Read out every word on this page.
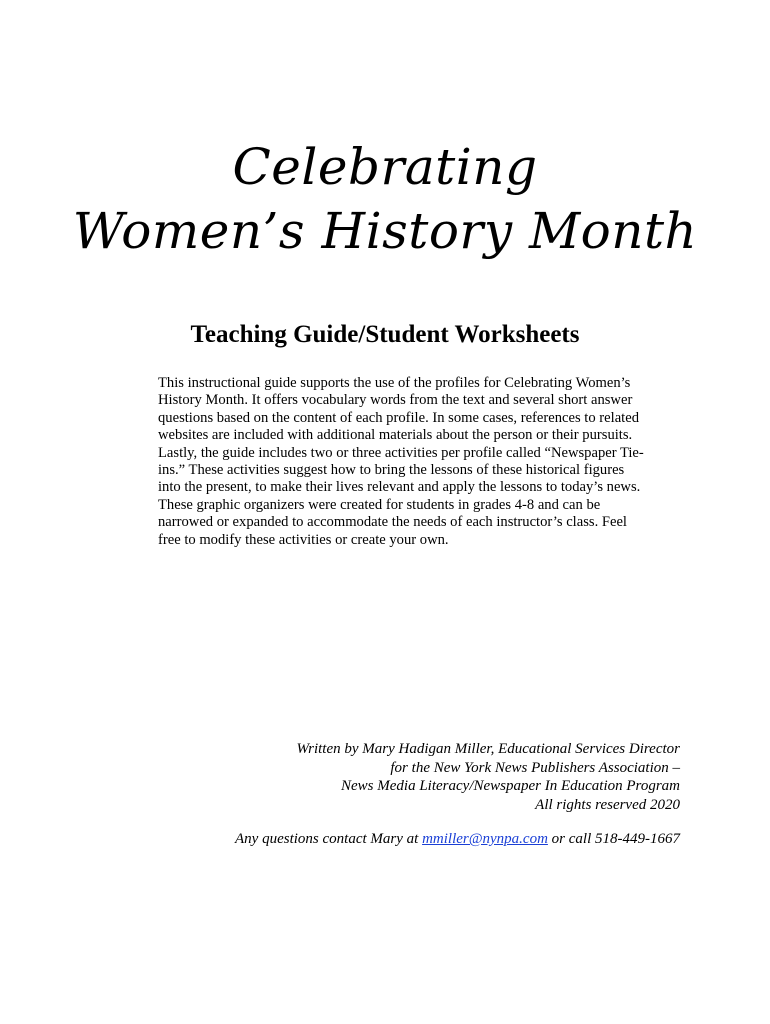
Celebrating
Women’s History Month
Teaching Guide/Student Worksheets

This instructional guide supports the use of the profiles for Celebrating Women’s
History Month. It offers vocabulary words from the text and several short answer
questions based on the content of each profile. In some cases, references to related
websites are included with additional materials about the person or their pursuits.
Lastly, the guide includes two or three activities per profile called “Newspaper Tie-
ins.” These activities suggest how to bring the lessons of these historical figures
into the present, to make their lives relevant and apply the lessons to today’s news.
These graphic organizers were created for students in grades 4-8 and can be
narrowed or expanded to accommodate the needs of each instructor’s class. Feel
free to modify these activities or create your own.

Written by Mary Hadigan Miller, Educational Services Director
for the New York News Publishers Association –
News Media Literacy/Newspaper In Education Program
All rights reserved 2020
Any questions contact Mary at mmiller@nynpa.com or call 518-449-1667
